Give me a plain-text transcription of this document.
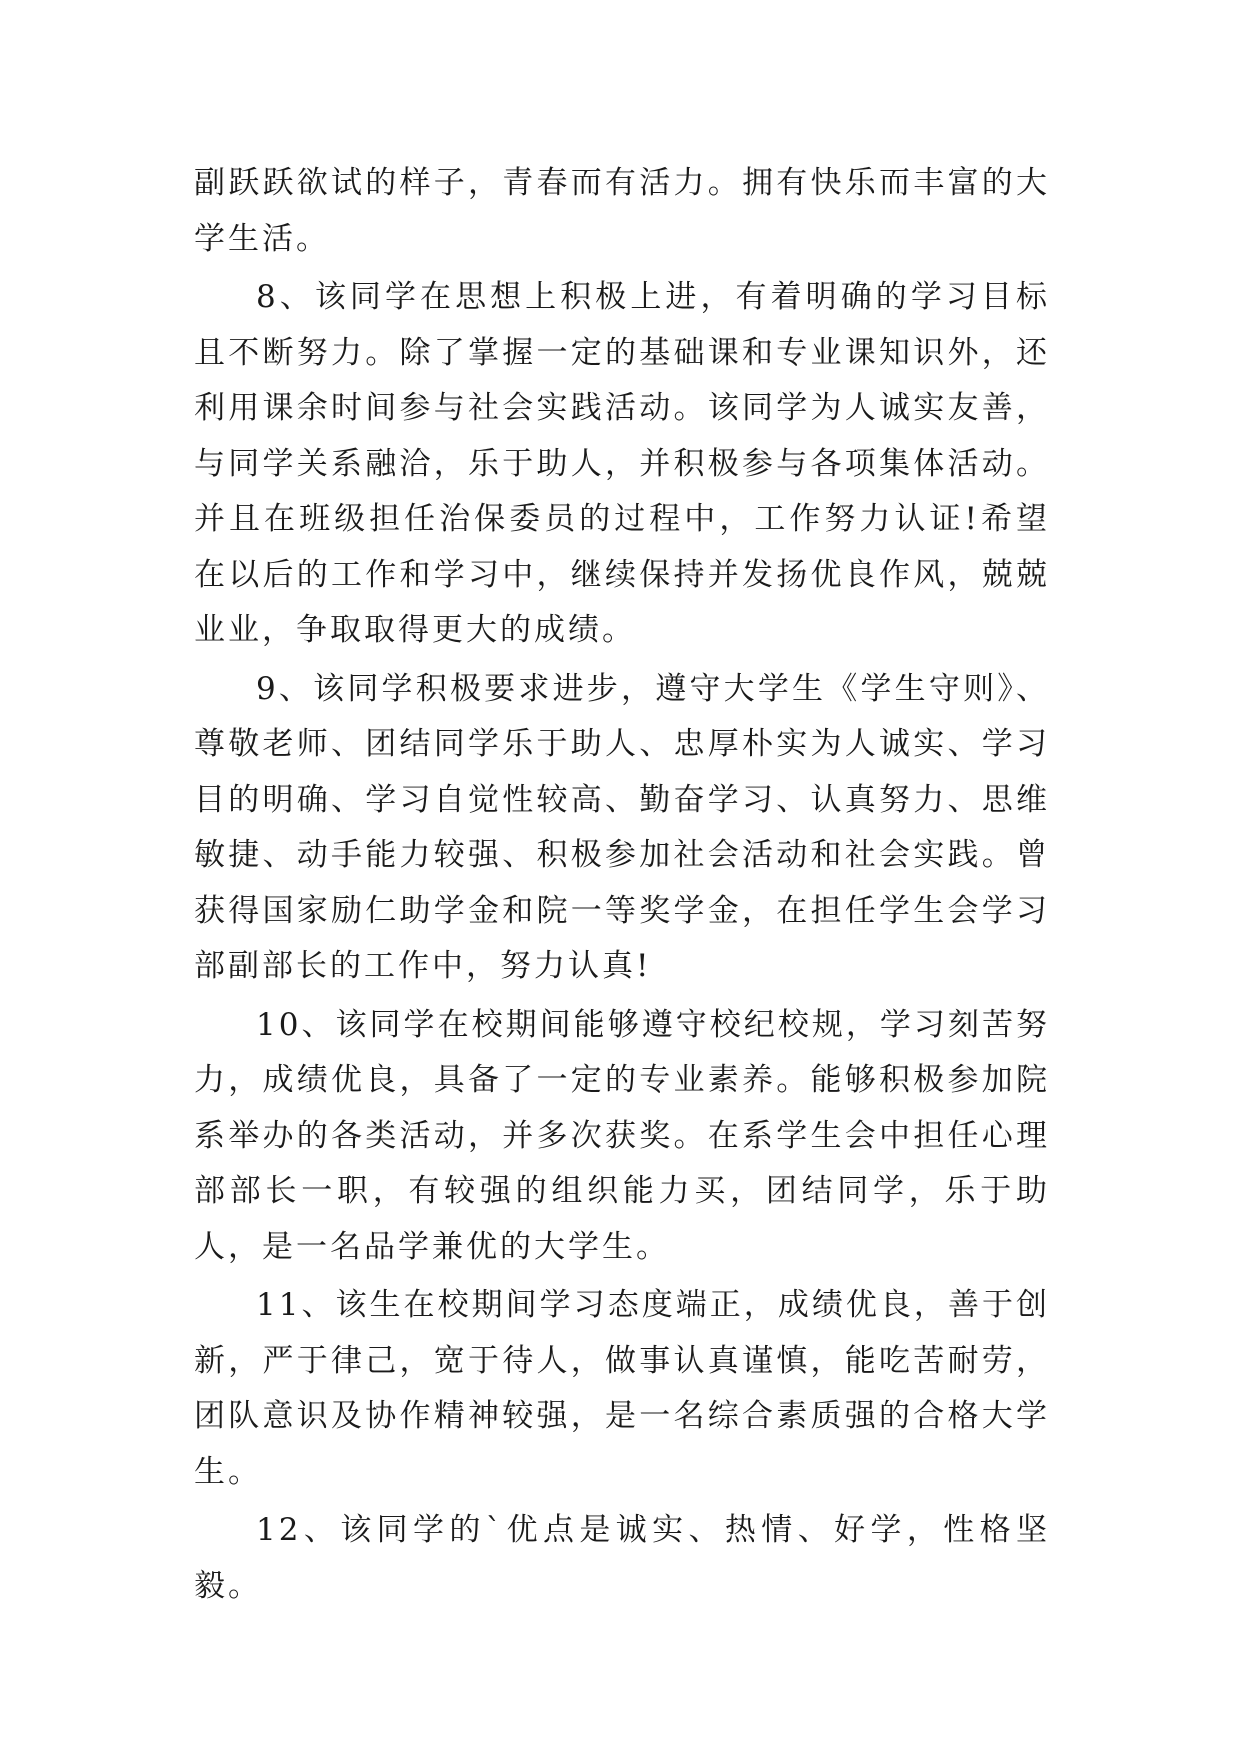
副跃跃欲试的样子，青春而有活力。拥有快乐而丰富的大学生活。

8、该同学在思想上积极上进，有着明确的学习目标且不断努力。除了掌握一定的基础课和专业课知识外，还利用课余时间参与社会实践活动。该同学为人诚实友善，与同学关系融洽，乐于助人，并积极参与各项集体活动。并且在班级担任治保委员的过程中，工作努力认证!希望在以后的工作和学习中，继续保持并发扬优良作风，兢兢业业，争取取得更大的成绩。

9、该同学积极要求进步，遵守大学生《学生守则》、尊敬老师、团结同学乐于助人、忠厚朴实为人诚实、学习目的明确、学习自觉性较高、勤奋学习、认真努力、思维敏捷、动手能力较强、积极参加社会活动和社会实践。曾获得国家励仁助学金和院一等奖学金，在担任学生会学习部副部长的工作中，努力认真!

10、该同学在校期间能够遵守校纪校规，学习刻苦努力，成绩优良，具备了一定的专业素养。能够积极参加院系举办的各类活动，并多次获奖。在系学生会中担任心理部部长一职，有较强的组织能力买，团结同学，乐于助人，是一名品学兼优的大学生。

11、该生在校期间学习态度端正，成绩优良，善于创新，严于律己，宽于待人，做事认真谨慎，能吃苦耐劳，团队意识及协作精神较强，是一名综合素质强的合格大学生。

12、该同学的`优点是诚实、热情、好学，性格坚毅。
